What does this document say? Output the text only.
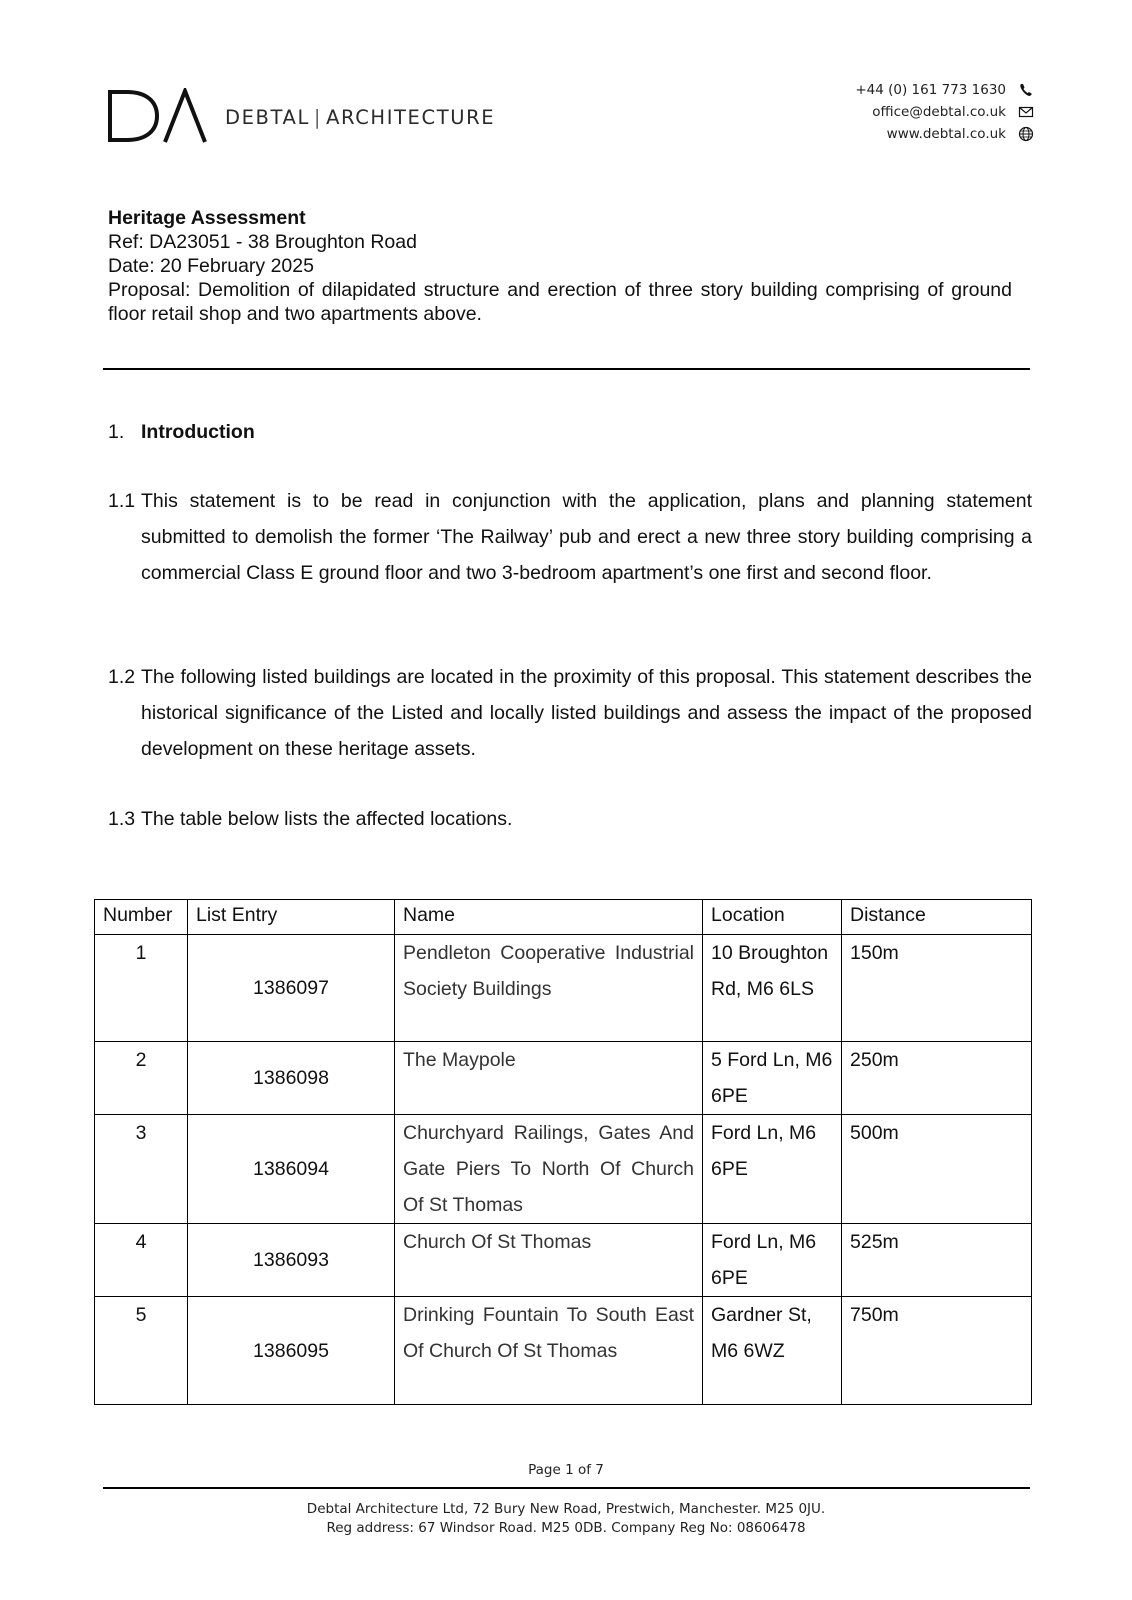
DEBTAL | ARCHITECTURE
+44 (0) 161 773 1630
office@debtal.co.uk
www.debtal.co.uk
Heritage Assessment
Ref: DA23051 - 38 Broughton Road
Date: 20 February 2025
Proposal: Demolition of dilapidated structure and erection of three story building comprising of ground floor retail shop and two apartments above.
1. Introduction
1.1 This statement is to be read in conjunction with the application, plans and planning statement submitted to demolish the former ‘The Railway’ pub and erect a new three story building comprising a commercial Class E ground floor and two 3-bedroom apartment’s one first and second floor.
1.2 The following listed buildings are located in the proximity of this proposal. This statement describes the historical significance of the Listed and locally listed buildings and assess the impact of the proposed development on these heritage assets.
1.3 The table below lists the affected locations.
Number	List Entry	Name	Location	Distance
1	1386097	Pendleton Cooperative Industrial Society Buildings	10 Broughton Rd, M6 6LS	150m
2	1386098	The Maypole	5 Ford Ln, M6 6PE	250m
3	1386094	Churchyard Railings, Gates And Gate Piers To North Of Church Of St Thomas	Ford Ln, M6 6PE	500m
4	1386093	Church Of St Thomas	Ford Ln, M6 6PE	525m
5	1386095	Drinking Fountain To South East Of Church Of St Thomas	Gardner St, M6 6WZ	750m
Page 1 of 7
Debtal Architecture Ltd, 72 Bury New Road, Prestwich, Manchester. M25 0JU.
Reg address: 67 Windsor Road. M25 0DB. Company Reg No: 08606478
